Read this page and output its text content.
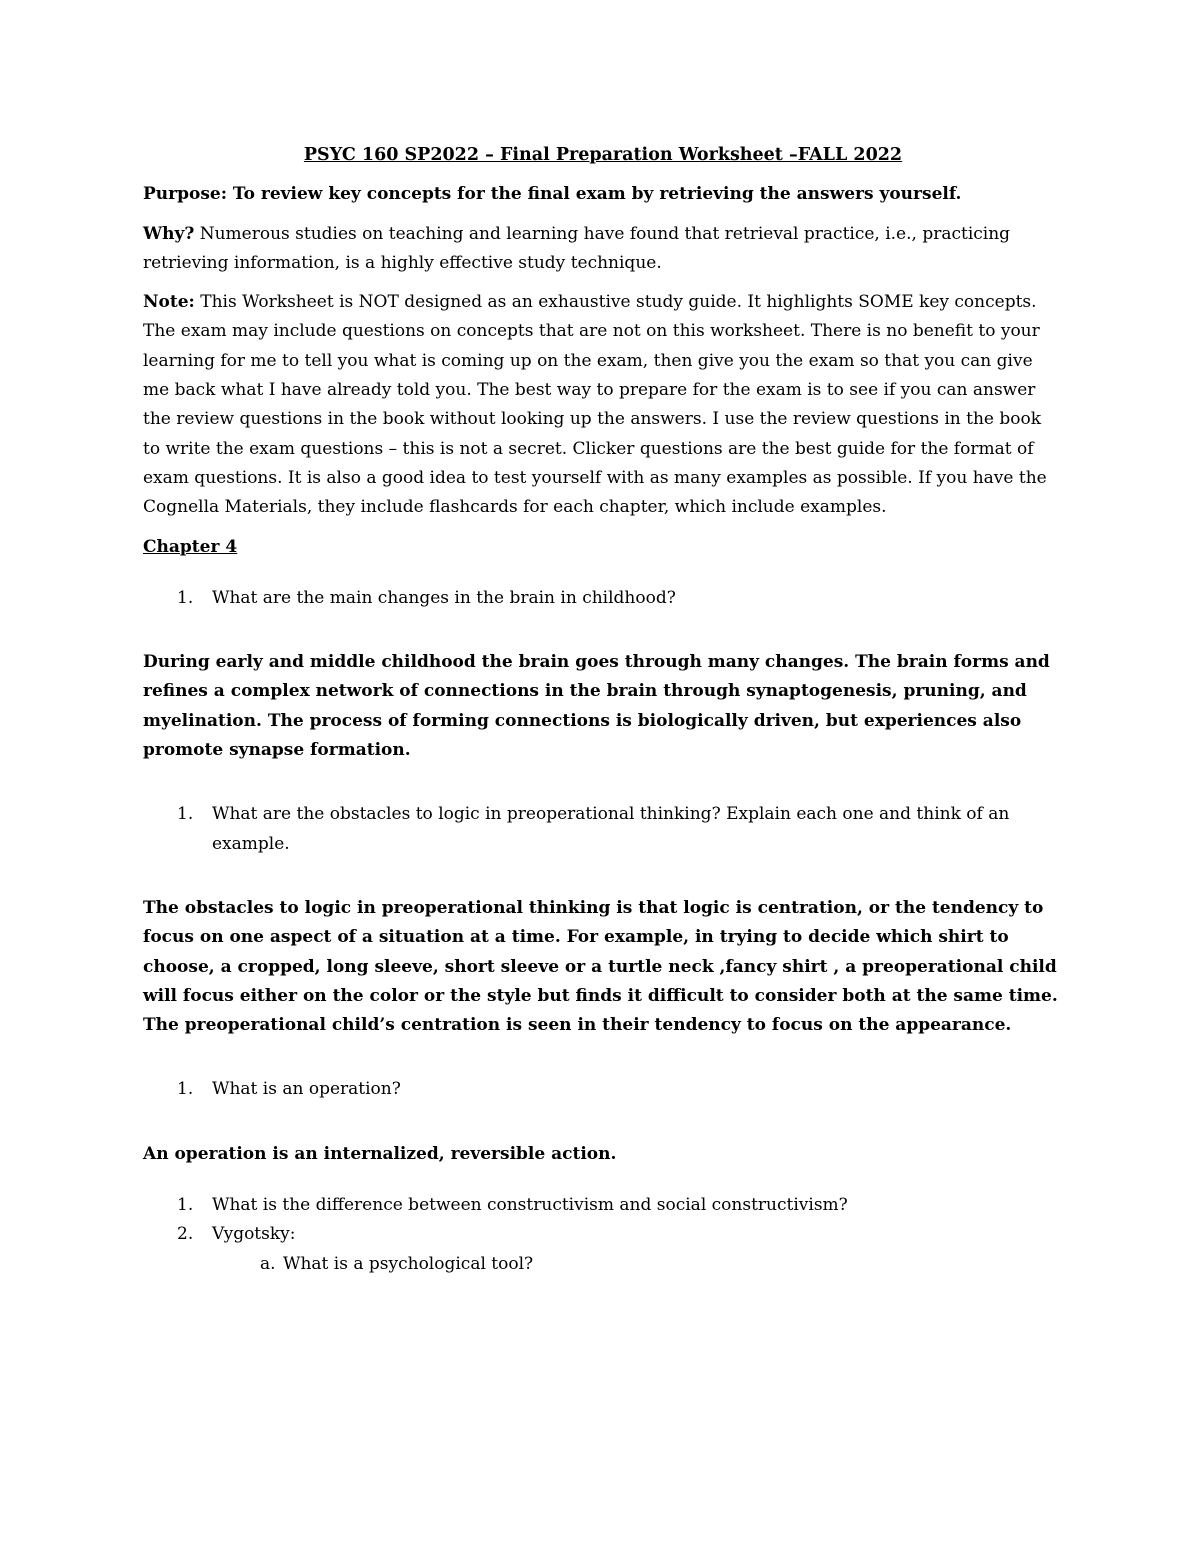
PSYC 160 SP2022 – Final Preparation Worksheet –FALL 2022

Purpose: To review key concepts for the final exam by retrieving the answers yourself.

Why? Numerous studies on teaching and learning have found that retrieval practice, i.e., practicing retrieving information, is a highly effective study technique.

Note: This Worksheet is NOT designed as an exhaustive study guide. It highlights SOME key concepts. The exam may include questions on concepts that are not on this worksheet. There is no benefit to your learning for me to tell you what is coming up on the exam, then give you the exam so that you can give me back what I have already told you. The best way to prepare for the exam is to see if you can answer the review questions in the book without looking up the answers. I use the review questions in the book to write the exam questions – this is not a secret. Clicker questions are the best guide for the format of exam questions. It is also a good idea to test yourself with as many examples as possible. If you have the Cognella Materials, they include flashcards for each chapter, which include examples.

Chapter 4
1. What are the main changes in the brain in childhood?

During early and middle childhood the brain goes through many changes. The brain forms and refines a complex network of connections in the brain through synaptogenesis, pruning, and myelination. The process of forming connections is biologically driven, but experiences also promote synapse formation.

1. What are the obstacles to logic in preoperational thinking? Explain each one and think of an example.

The obstacles to logic in preoperational thinking is that logic is centration, or the tendency to focus on one aspect of a situation at a time. For example, in trying to decide which shirt to choose, a cropped, long sleeve, short sleeve or a turtle neck ,fancy shirt , a preoperational child will focus either on the color or the style but finds it difficult to consider both at the same time. The preoperational child’s centration is seen in their tendency to focus on the appearance.

1. What is an operation?

An operation is an internalized, reversible action.

1. What is the difference between constructivism and social constructivism?
2. Vygotsky:
a. What is a psychological tool?
